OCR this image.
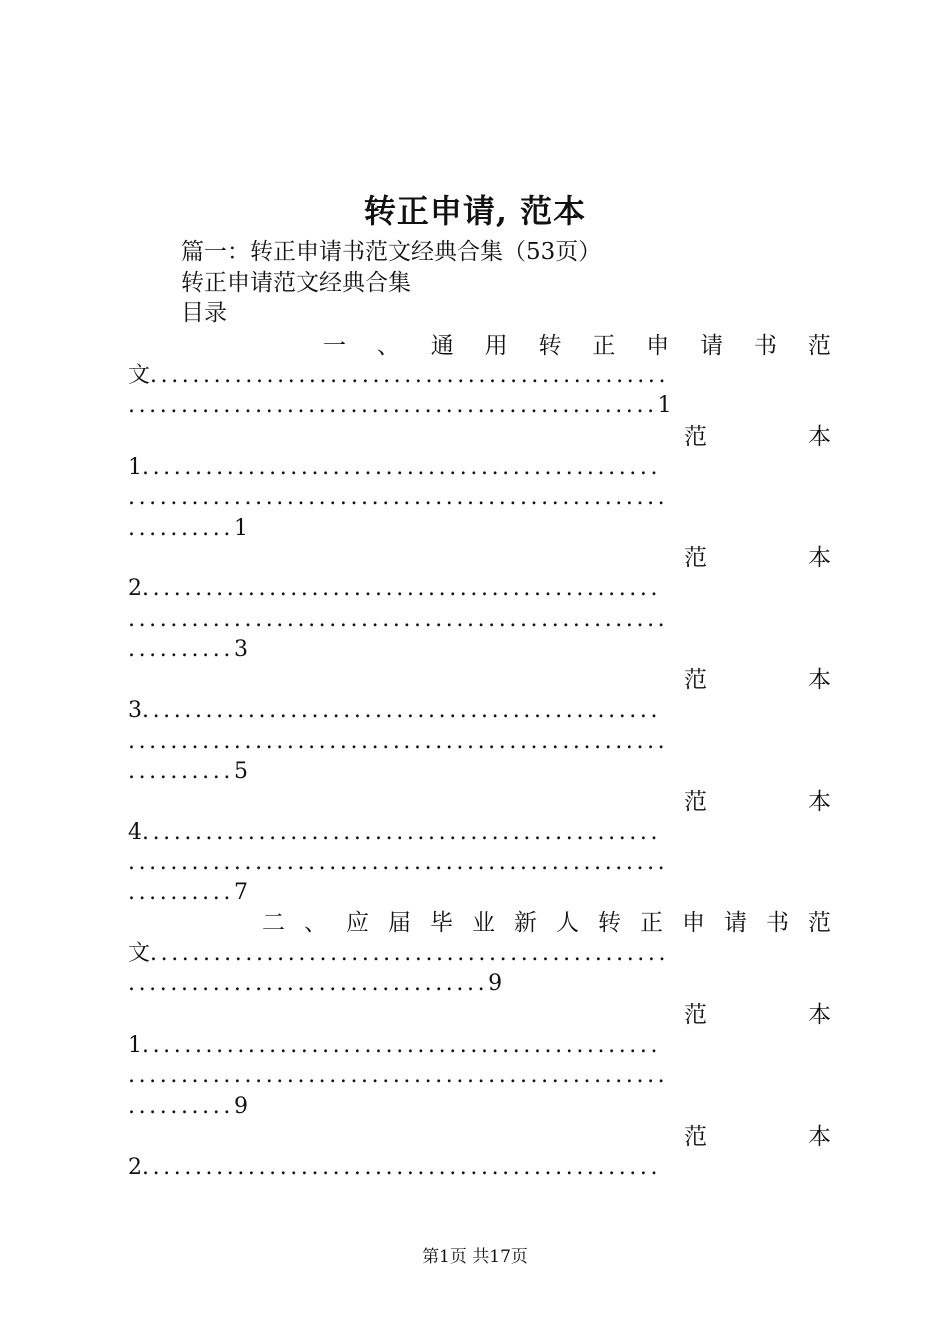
转正申请, 范本
篇一：转正申请书范文经典合集（53页）
转正申请范文经典合集
目录
一 、 通 用 转 正 申 请 书 范
文.................................................
..................................................1
范	本
1.................................................
...................................................
..........1
范	本
2.................................................
...................................................
..........3
范	本
3.................................................
...................................................
..........5
范	本
4.................................................
...................................................
..........7
二 、 应 届 毕 业 新 人 转 正 申 请 书 范
文.................................................
..................................9
范	本
1.................................................
...................................................
..........9
范	本
2.................................................
第1页 共17页
